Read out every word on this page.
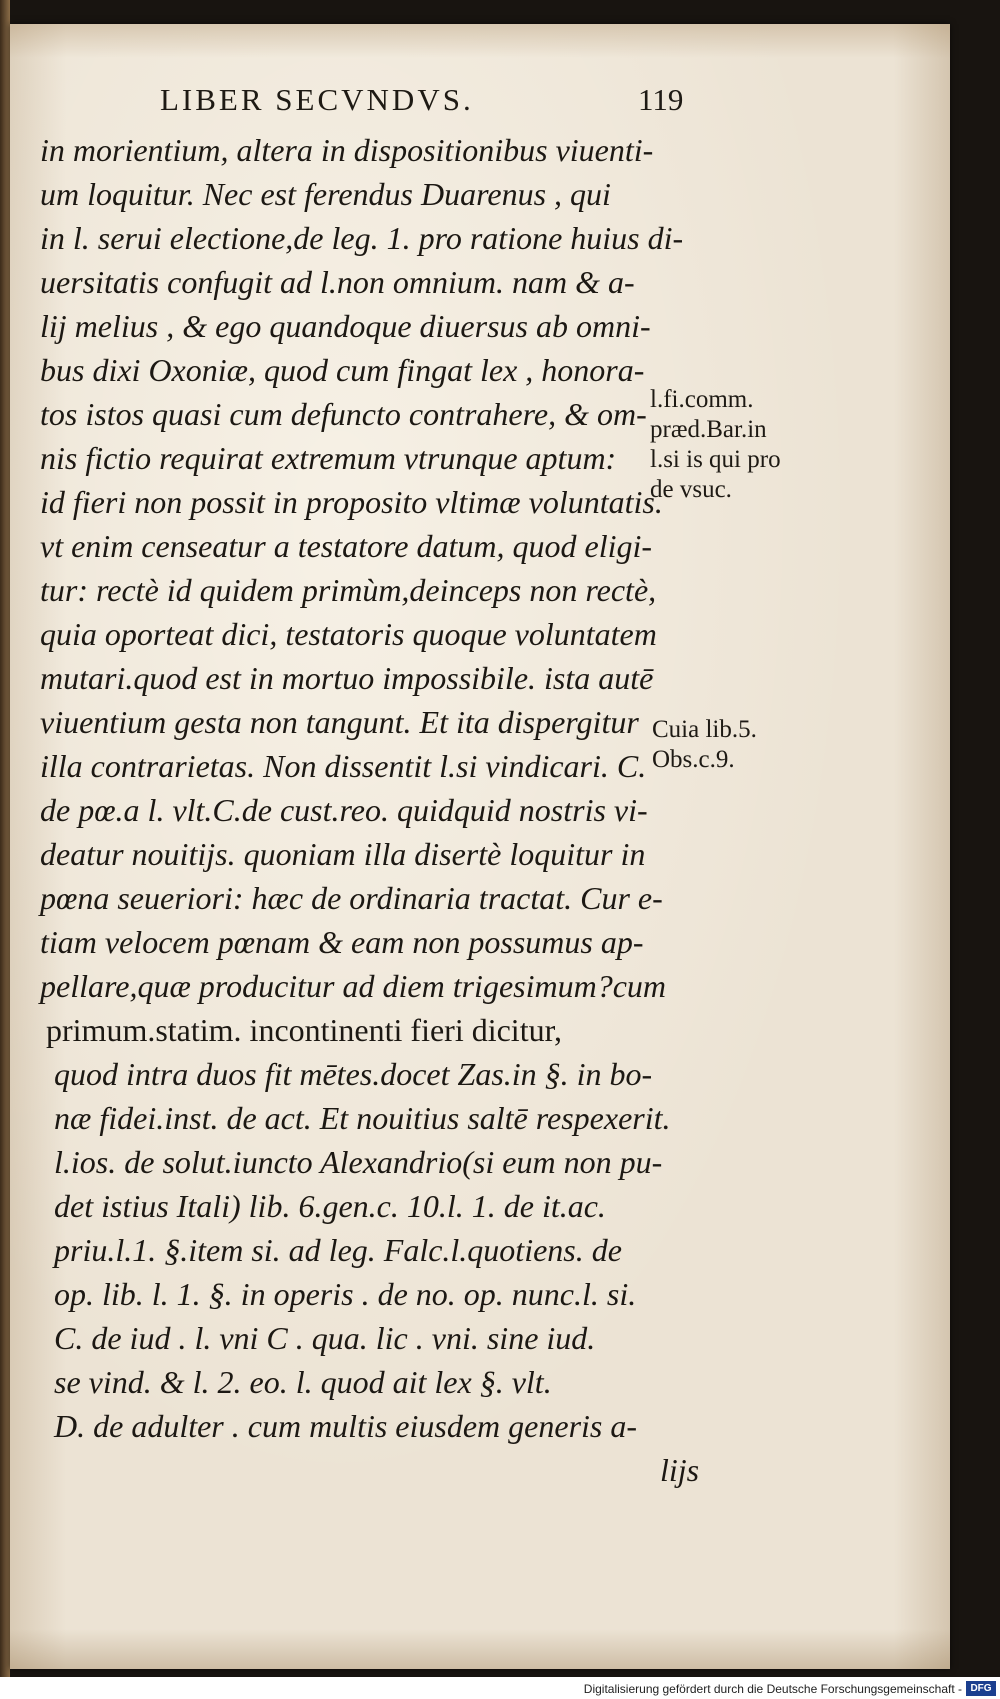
LIBER SECVNDVS.	119
in morientium, altera in dispositionibus viuenti-
um loquitur. Nec est ferendus Duarenus , qui
in l. serui electione,de leg. 1. pro ratione huius di-
uersitatis confugit ad l.non omnium. nam & a-
lij melius , & ego quandoque diuersus ab omni-
bus dixi Oxoniæ, quod cum fingat lex , honora-
tos istos quasi cum defuncto contrahere, & om-
nis fictio requirat extremum vtrunque aptum:
id fieri non possit in proposito vltimæ voluntatis.
vt enim censeatur a testatore datum, quod eligi-
tur: rectè id quidem primùm,deinceps non rectè,
quia oporteat dici, testatoris quoque voluntatem
mutari.quod est in mortuo impossibile. ista autē
viuentium gesta non tangunt. Et ita dispergitur
illa contrarietas. Non dissentit l.si vindicari. C.
de pœ.a l. vlt.C.de cust.reo. quidquid nostris vi-
deatur nouitijs. quoniam illa disertè loquitur in
pœna seueriori: hæc de ordinaria tractat. Cur e-
tiam velocem pœnam & eam non possumus ap-
pellare,quæ producitur ad diem trigesimum?cum
primum.statim. incontinenti fieri dicitur,
quod intra duos fit mētes.docet Zas.in §. in bo-
næ fidei.inst. de act. Et nouitius saltē respexerit.
l.ios. de solut.iuncto Alexandrio(si eum non pu-
det istius Itali) lib. 6.gen.c. 10.l. 1. de it.ac.
priu.l.1. §.item si. ad leg. Falc.l.quotiens. de
op. lib. l. 1. §. in operis . de no. op. nunc.l. si.
C. de iud . l. vni C . qua. lic . vni. sine iud.
se vind. & l. 2. eo. l. quod ait lex §. vlt.
D. de adulter . cum multis eiusdem generis a-
lijs
l.fi.comm.
præd.Bar.in
l.si is qui pro
de vsuc.
Cuia lib.5.
Obs.c.9.
Digitalisierung gefördert durch die Deutsche Forschungsgemeinschaft - DFG
